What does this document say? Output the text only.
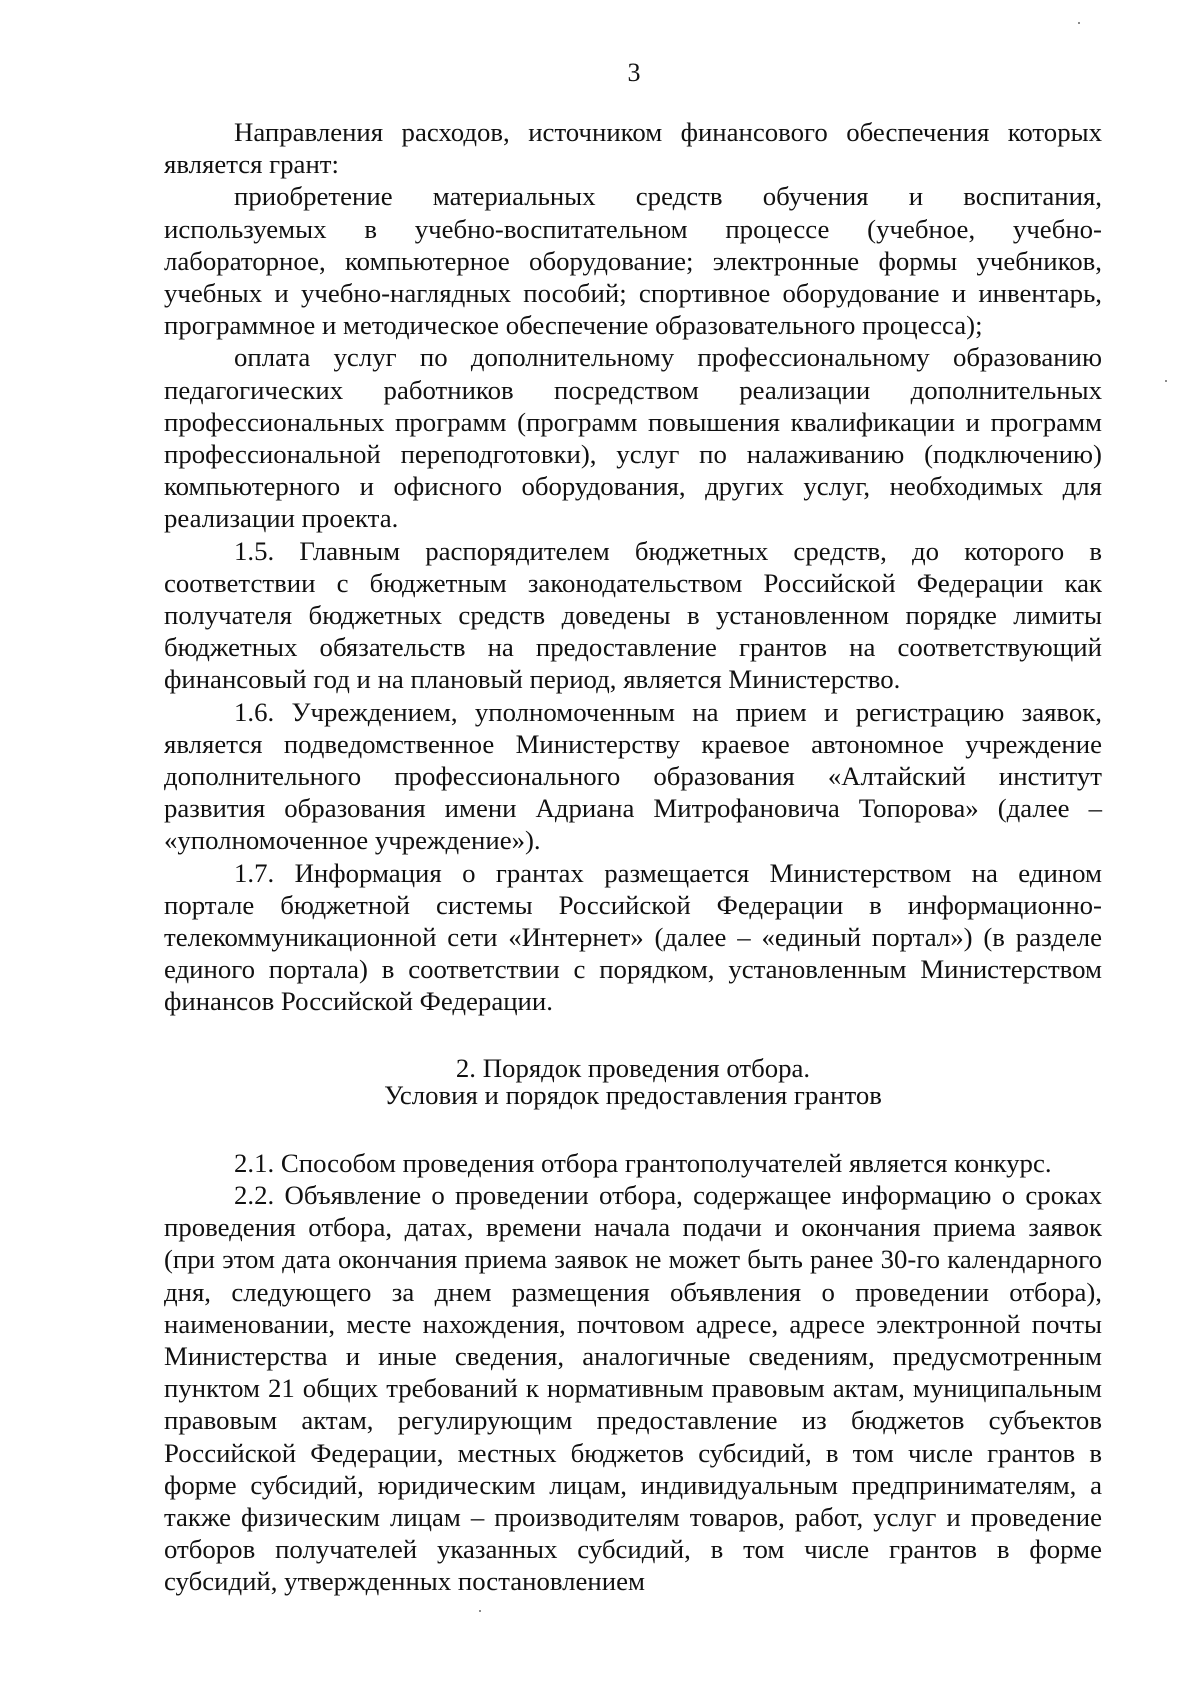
3

Направления расходов, источником финансового обеспечения которых является грант:

приобретение материальных средств обучения и воспитания, используемых в учебно-воспитательном процессе (учебное, учебно-лабораторное, компьютерное оборудование; электронные формы учебников, учебных и учебно-наглядных пособий; спортивное оборудование и инвентарь, программное и методическое обеспечение образовательного процесса);

оплата услуг по дополнительному профессиональному образованию педагогических работников посредством реализации дополнительных профессиональных программ (программ повышения квалификации и программ профессиональной переподготовки), услуг по налаживанию (подключению) компьютерного и офисного оборудования, других услуг, необходимых для реализации проекта.

1.5. Главным распорядителем бюджетных средств, до которого в соответствии с бюджетным законодательством Российской Федерации как получателя бюджетных средств доведены в установленном порядке лимиты бюджетных обязательств на предоставление грантов на соответствующий финансовый год и на плановый период, является Министерство.

1.6. Учреждением, уполномоченным на прием и регистрацию заявок, является подведомственное Министерству краевое автономное учреждение дополнительного профессионального образования «Алтайский институт развития образования имени Адриана Митрофановича Топорова» (далее – «уполномоченное учреждение»).

1.7. Информация о грантах размещается Министерством на едином портале бюджетной системы Российской Федерации в информационно-телекоммуникационной сети «Интернет» (далее – «единый портал») (в разделе единого портала) в соответствии с порядком, установленным Министерством финансов Российской Федерации.

2. Порядок проведения отбора.
Условия и порядок предоставления грантов

2.1. Способом проведения отбора грантополучателей является конкурс.

2.2. Объявление о проведении отбора, содержащее информацию о сроках проведения отбора, датах, времени начала подачи и окончания приема заявок (при этом дата окончания приема заявок не может быть ранее 30-го календарного дня, следующего за днем размещения объявления о проведении отбора), наименовании, месте нахождения, почтовом адресе, адресе электронной почты Министерства и иные сведения, аналогичные сведениям, предусмотренным пунктом 21 общих требований к нормативным правовым актам, муниципальным правовым актам, регулирующим предоставление из бюджетов субъектов Российской Федерации, местных бюджетов субсидий, в том числе грантов в форме субсидий, юридическим лицам, индивидуальным предпринимателям, а также физическим лицам – производителям товаров, работ, услуг и проведение отборов получателей указанных субсидий, в том числе грантов в форме субсидий, утвержденных постановлением
